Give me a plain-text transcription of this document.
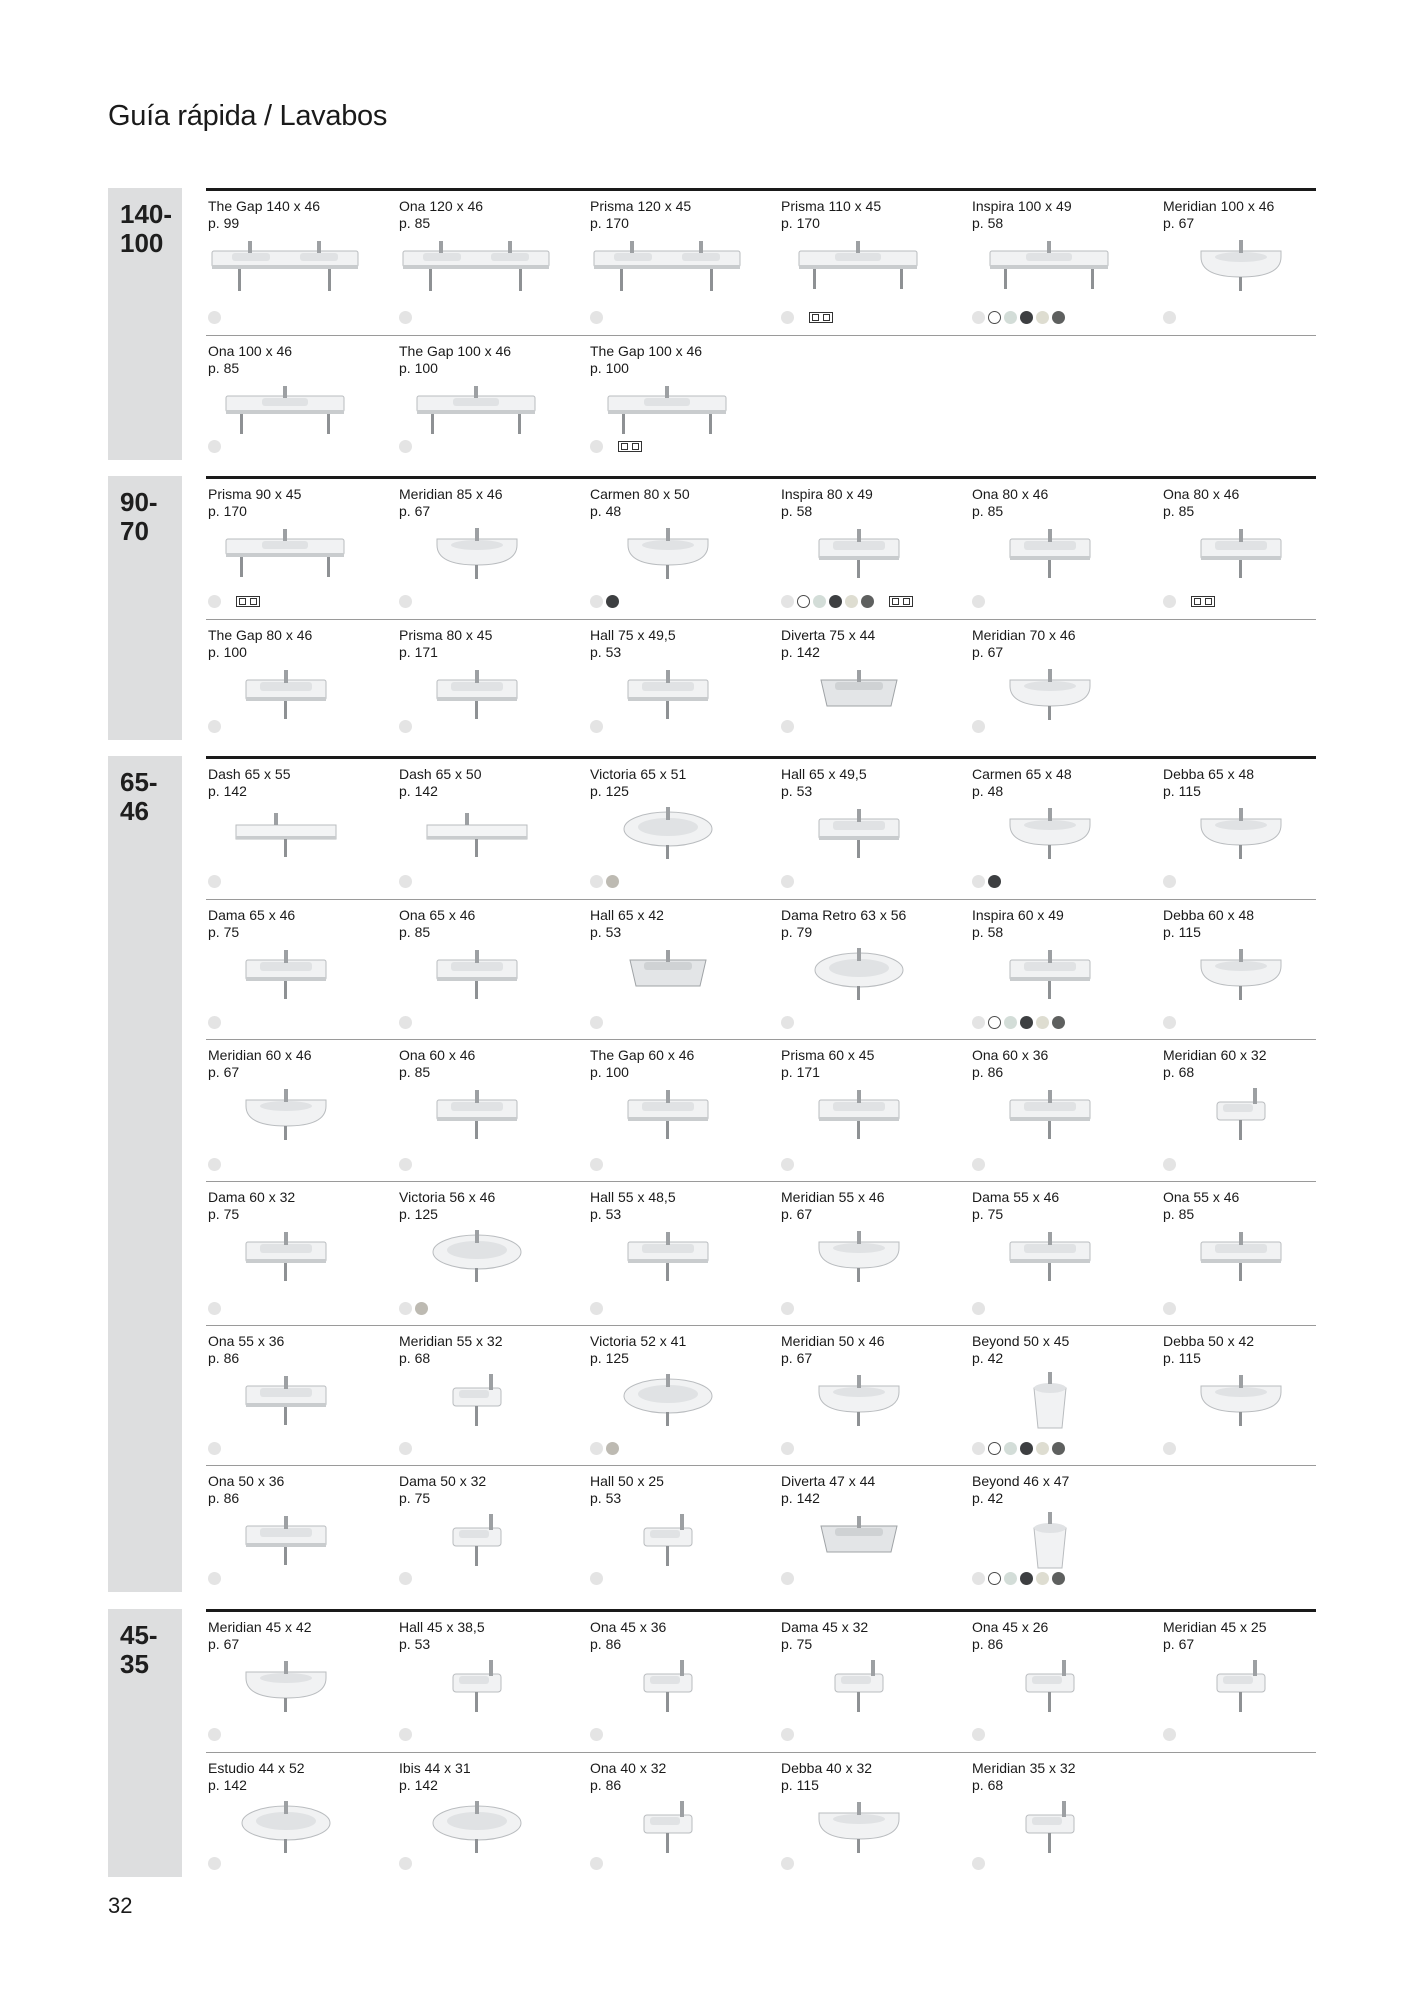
Guía rápida / Lavabos
140-
100
The Gap 140 x 46
p. 99
Ona 120 x 46
p. 85
Prisma 120 x 45
p. 170
Prisma 110 x 45
p. 170
Inspira 100 x 49
p. 58
Meridian 100 x 46
p. 67
Ona 100 x 46
p. 85
The Gap 100 x 46
p. 100
The Gap 100 x 46
p. 100
90-
70
Prisma 90 x 45
p. 170
Meridian 85 x 46
p. 67
Carmen 80 x 50
p. 48
Inspira 80 x 49
p. 58
Ona 80 x 46
p. 85
Ona 80 x 46
p. 85
The Gap 80 x 46
p. 100
Prisma 80 x 45
p. 171
Hall 75 x 49,5
p. 53
Diverta 75 x 44
p. 142
Meridian 70 x 46
p. 67
65-
46
Dash 65 x 55
p. 142
Dash 65 x 50
p. 142
Victoria 65 x 51
p. 125
Hall 65 x 49,5
p. 53
Carmen 65 x 48
p. 48
Debba 65 x 48
p. 115
Dama 65 x 46
p. 75
Ona 65 x 46
p. 85
Hall 65 x 42
p. 53
Dama Retro 63 x 56
p. 79
Inspira 60 x 49
p. 58
Debba 60 x 48
p. 115
Meridian 60 x 46
p. 67
Ona 60 x 46
p. 85
The Gap 60 x 46
p. 100
Prisma 60 x 45
p. 171
Ona 60 x 36
p. 86
Meridian 60 x 32
p. 68
Dama 60 x 32
p. 75
Victoria 56 x 46
p. 125
Hall 55 x 48,5
p. 53
Meridian 55 x 46
p. 67
Dama 55 x 46
p. 75
Ona 55 x 46
p. 85
Ona 55 x 36
p. 86
Meridian 55 x 32
p. 68
Victoria 52 x 41
p. 125
Meridian 50 x 46
p. 67
Beyond 50 x 45
p. 42
Debba 50 x 42
p. 115
Ona 50 x 36
p. 86
Dama 50 x 32
p. 75
Hall 50 x 25
p. 53
Diverta 47 x 44
p. 142
Beyond 46 x 47
p. 42
45-
35
Meridian 45 x 42
p. 67
Hall 45 x 38,5
p. 53
Ona 45 x 36
p. 86
Dama 45 x 32
p. 75
Ona 45 x 26
p. 86
Meridian 45 x 25
p. 67
Estudio 44 x 52
p. 142
Ibis 44 x 31
p. 142
Ona 40 x 32
p. 86
Debba 40 x 32
p. 115
Meridian 35 x 32
p. 68
32
